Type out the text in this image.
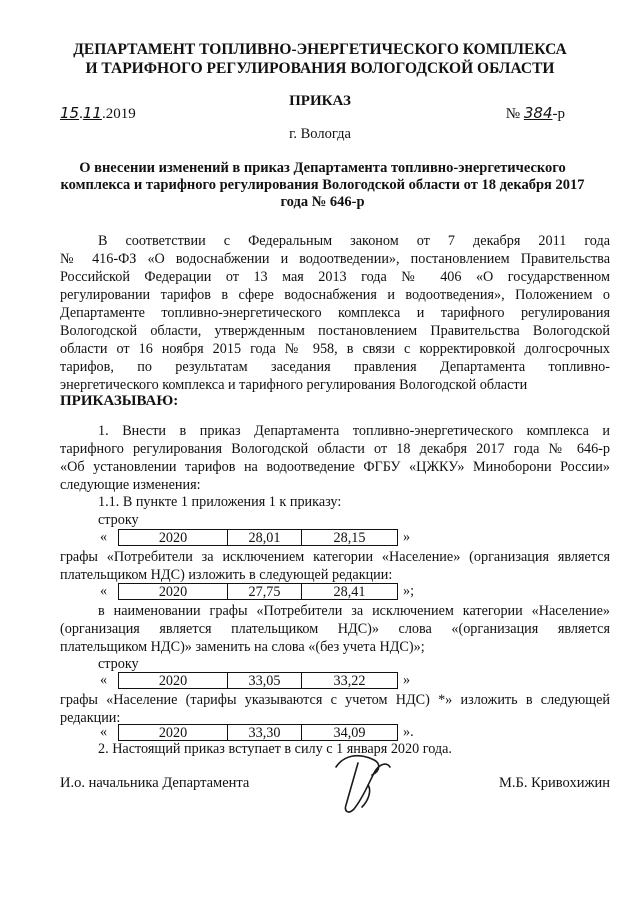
ДЕПАРТАМЕНТ ТОПЛИВНО-ЭНЕРГЕТИЧЕСКОГО КОМПЛЕКСА
И ТАРИФНОГО РЕГУЛИРОВАНИЯ ВОЛОГОДСКОЙ ОБЛАСТИ
ПРИКАЗ
15.11.2019	№ 384-р
г. Вологда
О внесении изменений в приказ Департамента топливно-энергетического
комплекса и тарифного регулирования Вологодской области от 18 декабря 2017
года № 646-р
В соответствии с Федеральным законом от 7 декабря 2011 года
№ 416-ФЗ «О водоснабжении и водоотведении», постановлением Правительства
Российской Федерации от 13 мая 2013 года № 406 «О государственном
регулировании тарифов в сфере водоснабжения и водоотведения», Положением о
Департаменте топливно-энергетического комплекса и тарифного регулирования
Вологодской области, утвержденным постановлением Правительства Вологодской
области от 16 ноября 2015 года № 958, в связи с корректировкой долгосрочных
тарифов, по результатам заседания правления Департамента топливно-
энергетического комплекса и тарифного регулирования Вологодской области
ПРИКАЗЫВАЮ:
1. Внести в приказ Департамента топливно-энергетического комплекса и
тарифного регулирования Вологодской области от 18 декабря 2017 года № 646-р
«Об установлении тарифов на водоотведение ФГБУ «ЦЖКУ» Миноборони России»
следующие изменения:
1.1. В пункте 1 приложения 1 к приказу:
строку
«	2020	28,01	28,15	»
графы «Потребители за исключением категории «Население» (организация является
плательщиком НДС) изложить в следующей редакции:
«	2020	27,75	28,41	»;
в наименовании графы «Потребители за исключением категории «Население»
(организация является плательщиком НДС)» слова «(организация является
плательщиком НДС)» заменить на слова «(без учета НДС)»;
строку
«	2020	33,05	33,22	»
графы «Население (тарифы указываются с учетом НДС) *» изложить в следующей
редакции:
«	2020	33,30	34,09	».
2. Настоящий приказ вступает в силу с 1 января 2020 года.
И.о. начальника Департамента	М.Б. Кривохижин
